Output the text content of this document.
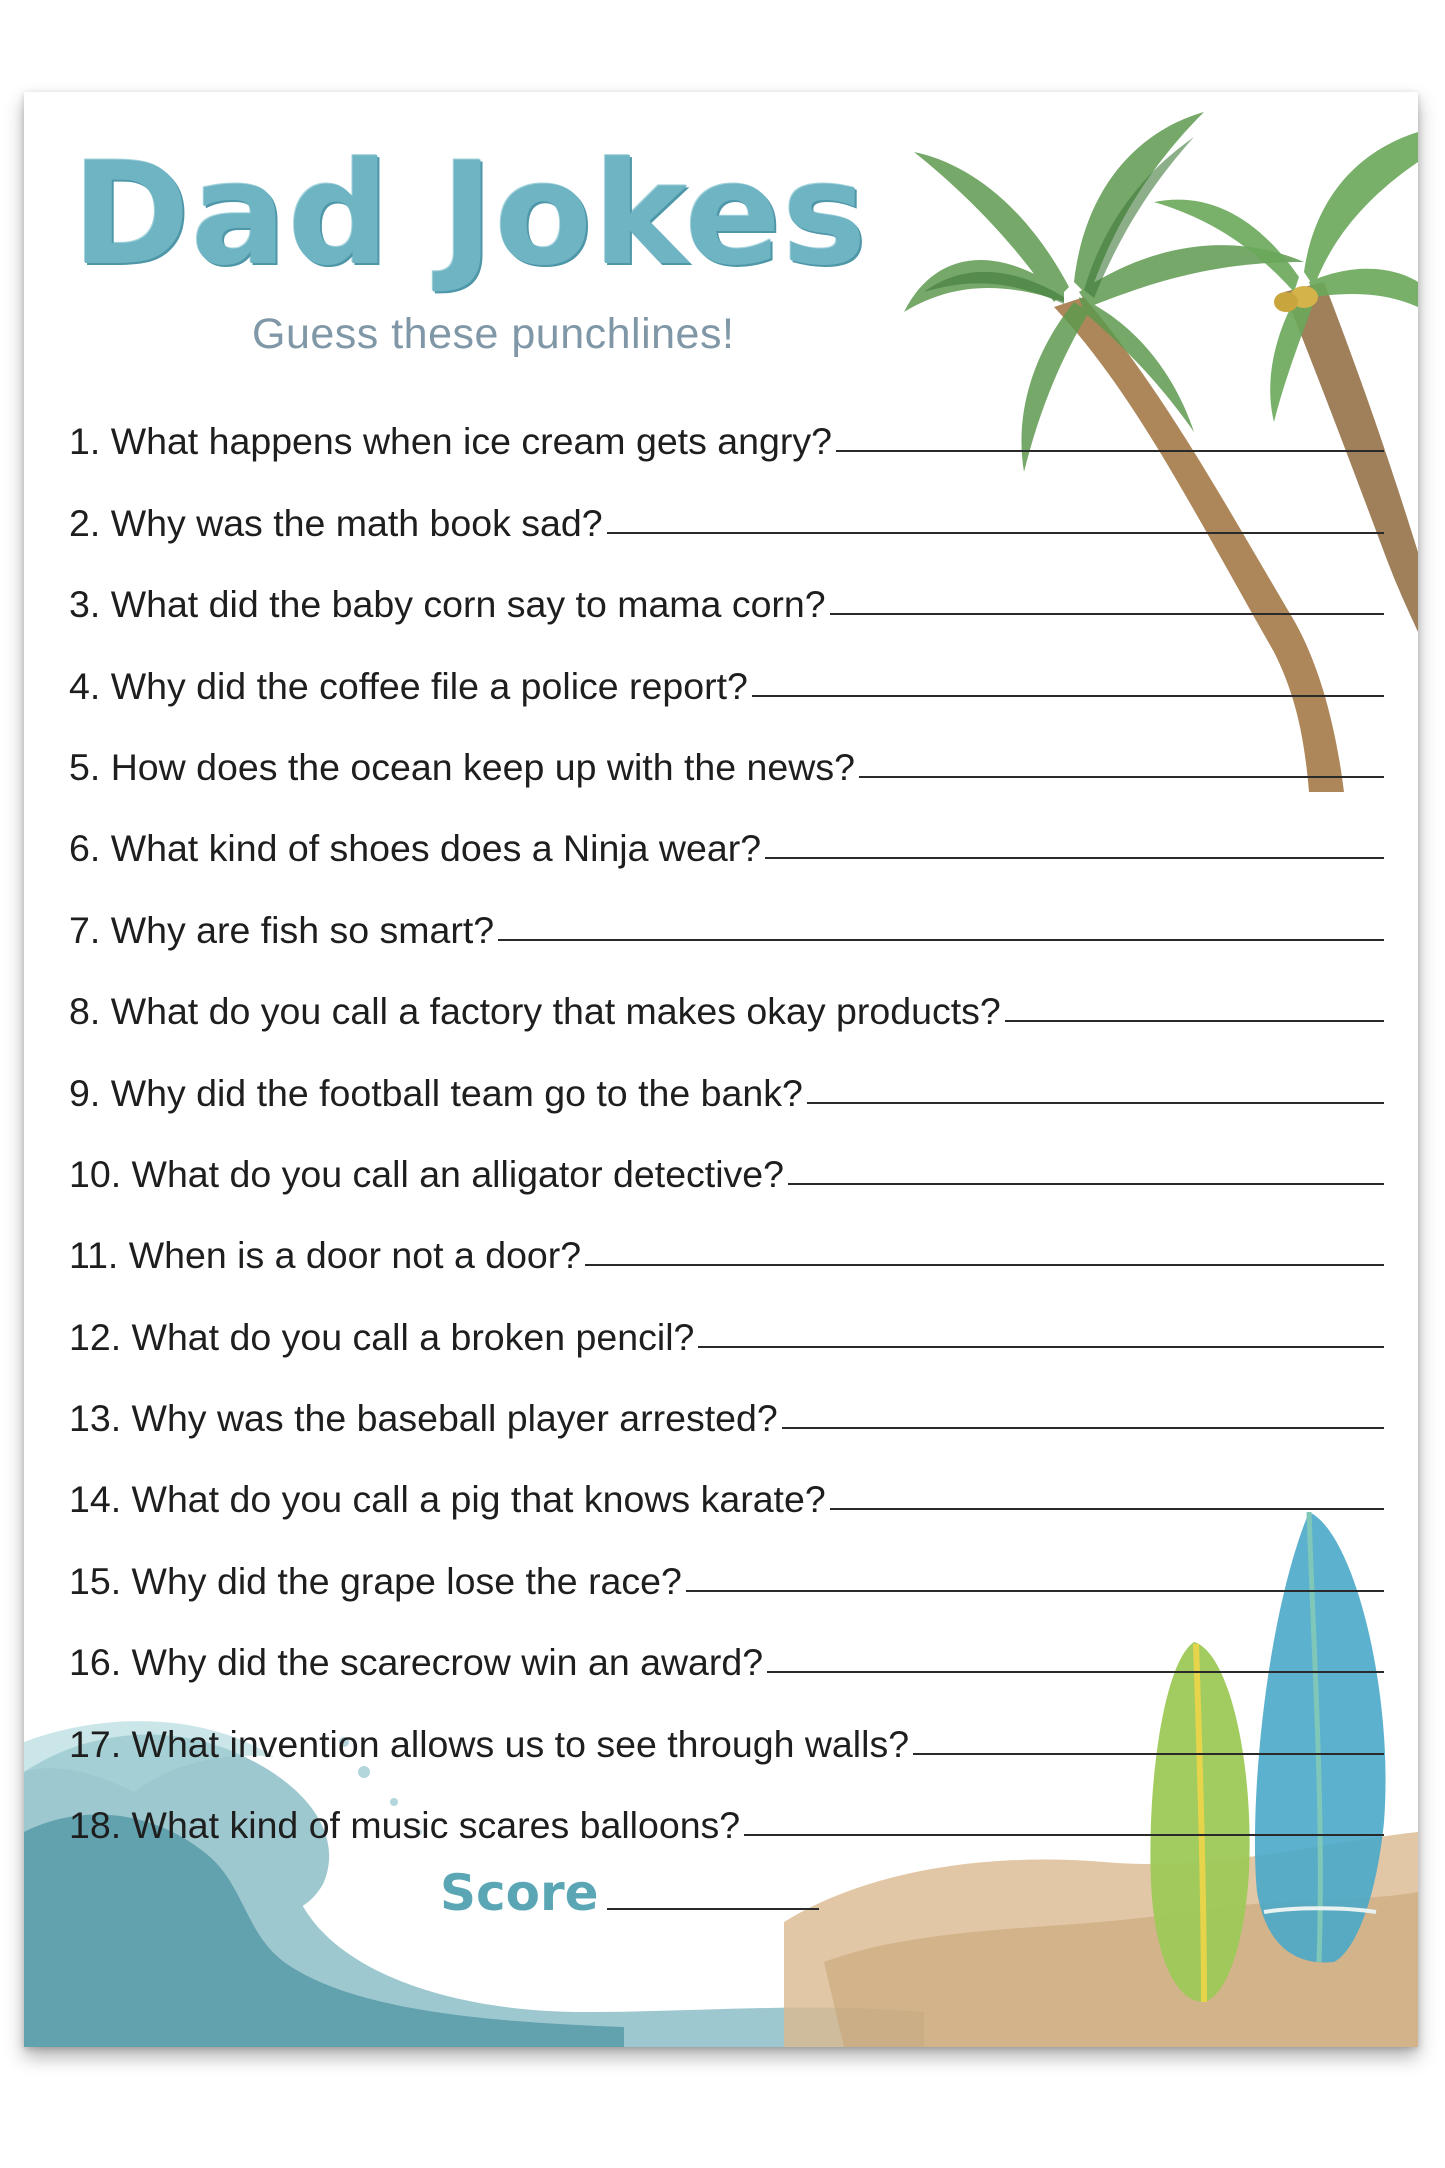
Dad Jokes
Guess these punchlines!
1. What happens when ice cream gets angry?
2. Why was the math book sad?
3. What did the baby corn say to mama corn?
4. Why did the coffee file a police report?
5. How does the ocean keep up with the news?
6. What kind of shoes does a Ninja wear?
7. Why are fish so smart?
8. What do you call a factory that makes okay products?
9. Why did the football team go to the bank?
10. What do you call an alligator detective?
11. When is a door not a door?
12. What do you call a broken pencil?
13. Why was the baseball player arrested?
14. What do you call a pig that knows karate?
15. Why did the grape lose the race?
16. Why did the scarecrow win an award?
17. What invention allows us to see through walls?
18. What kind of music scares balloons?
Score
